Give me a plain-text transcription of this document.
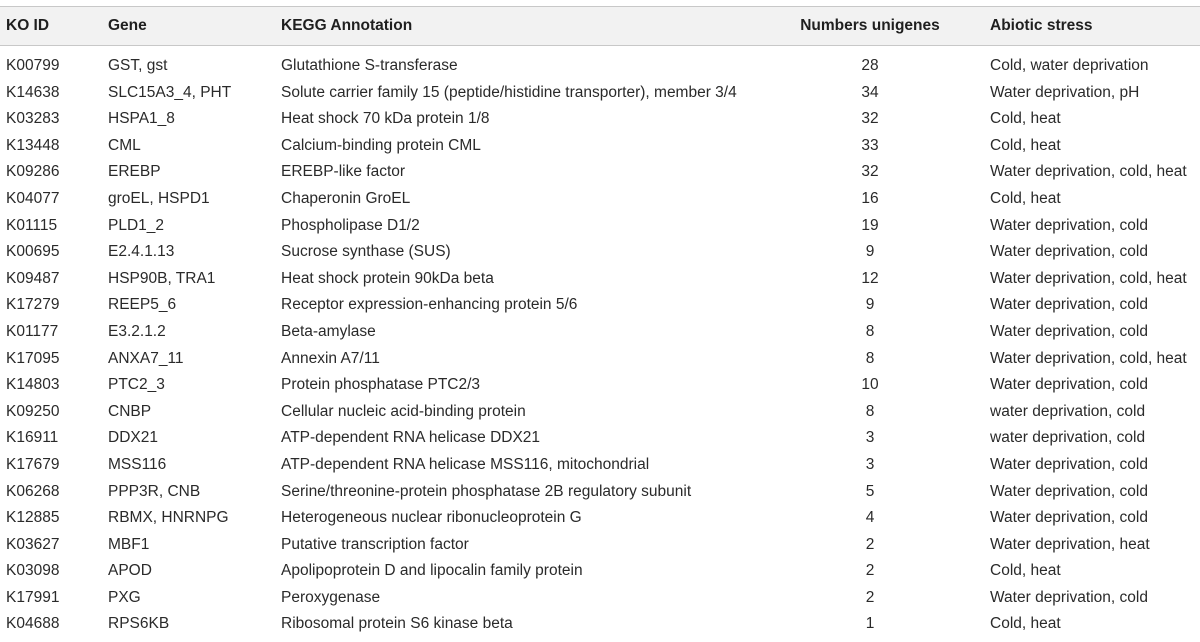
KO ID	Gene	KEGG Annotation	Numbers unigenes	Abiotic stress
K00799	GST, gst	Glutathione S-transferase	28	Cold, water deprivation
K14638	SLC15A3_4, PHT	Solute carrier family 15 (peptide/histidine transporter), member 3/4	34	Water deprivation, pH
K03283	HSPA1_8	Heat shock 70 kDa protein 1/8	32	Cold, heat
K13448	CML	Calcium-binding protein CML	33	Cold, heat
K09286	EREBP	EREBP-like factor	32	Water deprivation, cold, heat
K04077	groEL, HSPD1	Chaperonin GroEL	16	Cold, heat
K01115	PLD1_2	Phospholipase D1/2	19	Water deprivation, cold
K00695	E2.4.1.13	Sucrose synthase (SUS)	9	Water deprivation, cold
K09487	HSP90B, TRA1	Heat shock protein 90kDa beta	12	Water deprivation, cold, heat
K17279	REEP5_6	Receptor expression-enhancing protein 5/6	9	Water deprivation, cold
K01177	E3.2.1.2	Beta-amylase	8	Water deprivation, cold
K17095	ANXA7_11	Annexin A7/11	8	Water deprivation, cold, heat
K14803	PTC2_3	Protein phosphatase PTC2/3	10	Water deprivation, cold
K09250	CNBP	Cellular nucleic acid-binding protein	8	water deprivation, cold
K16911	DDX21	ATP-dependent RNA helicase DDX21	3	water deprivation, cold
K17679	MSS116	ATP-dependent RNA helicase MSS116, mitochondrial	3	Water deprivation, cold
K06268	PPP3R, CNB	Serine/threonine-protein phosphatase 2B regulatory subunit	5	Water deprivation, cold
K12885	RBMX, HNRNPG	Heterogeneous nuclear ribonucleoprotein G	4	Water deprivation, cold
K03627	MBF1	Putative transcription factor	2	Water deprivation, heat
K03098	APOD	Apolipoprotein D and lipocalin family protein	2	Cold, heat
K17991	PXG	Peroxygenase	2	Water deprivation, cold
K04688	RPS6KB	Ribosomal protein S6 kinase beta	1	Cold, heat
